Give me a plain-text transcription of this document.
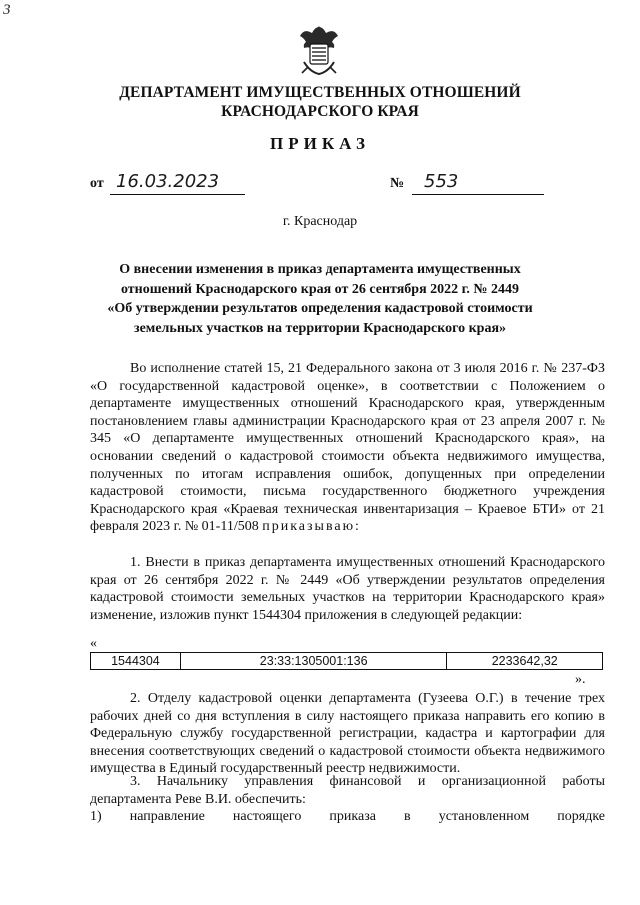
3
ДЕПАРТАМЕНТ ИМУЩЕСТВЕННЫХ ОТНОШЕНИЙ
КРАСНОДАРСКОГО КРАЯ
ПРИКАЗ
от 16.03.2023	№ 553
г. Краснодар
О внесении изменения в приказ департамента имущественных
отношений Краснодарского края от 26 сентября 2022 г. № 2449
«Об утверждении результатов определения кадастровой стоимости
земельных участков на территории Краснодарского края»
Во исполнение статей 15, 21 Федерального закона от 3 июля 2016 г. № 237-ФЗ «О государственной кадастровой оценке», в соответствии с Положением о департаменте имущественных отношений Краснодарского края, утвержденным постановлением главы администрации Краснодарского края от 23 апреля 2007 г. № 345 «О департаменте имущественных отношений Краснодарского края», на основании сведений о кадастровой стоимости объекта недвижимого имущества, полученных по итогам исправления ошибок, допущенных при определении кадастровой стоимости, письма государственного бюджетного учреждения Краснодарского края «Краевая техническая инвентаризация – Краевое БТИ» от 21 февраля 2023 г. № 01-11/508 приказываю:
1. Внести в приказ департамента имущественных отношений Краснодарского края от 26 сентября 2022 г. № 2449 «Об утверждении результатов определения кадастровой стоимости земельных участков на территории Краснодарского края» изменение, изложив пункт 1544304 приложения в следующей редакции:
«
1544304	23:33:1305001:136	2233642,32
».
2. Отделу кадастровой оценки департамента (Гузеева О.Г.) в течение трех рабочих дней со дня вступления в силу настоящего приказа направить его копию в Федеральную службу государственной регистрации, кадастра и картографии для внесения соответствующих сведений о кадастровой стоимости объекта недвижимого имущества в Единый государственный реестр недвижимости.
3. Начальнику управления финансовой и организационной работы департамента Реве В.И. обеспечить:
1) направление настоящего приказа в установленном порядке
